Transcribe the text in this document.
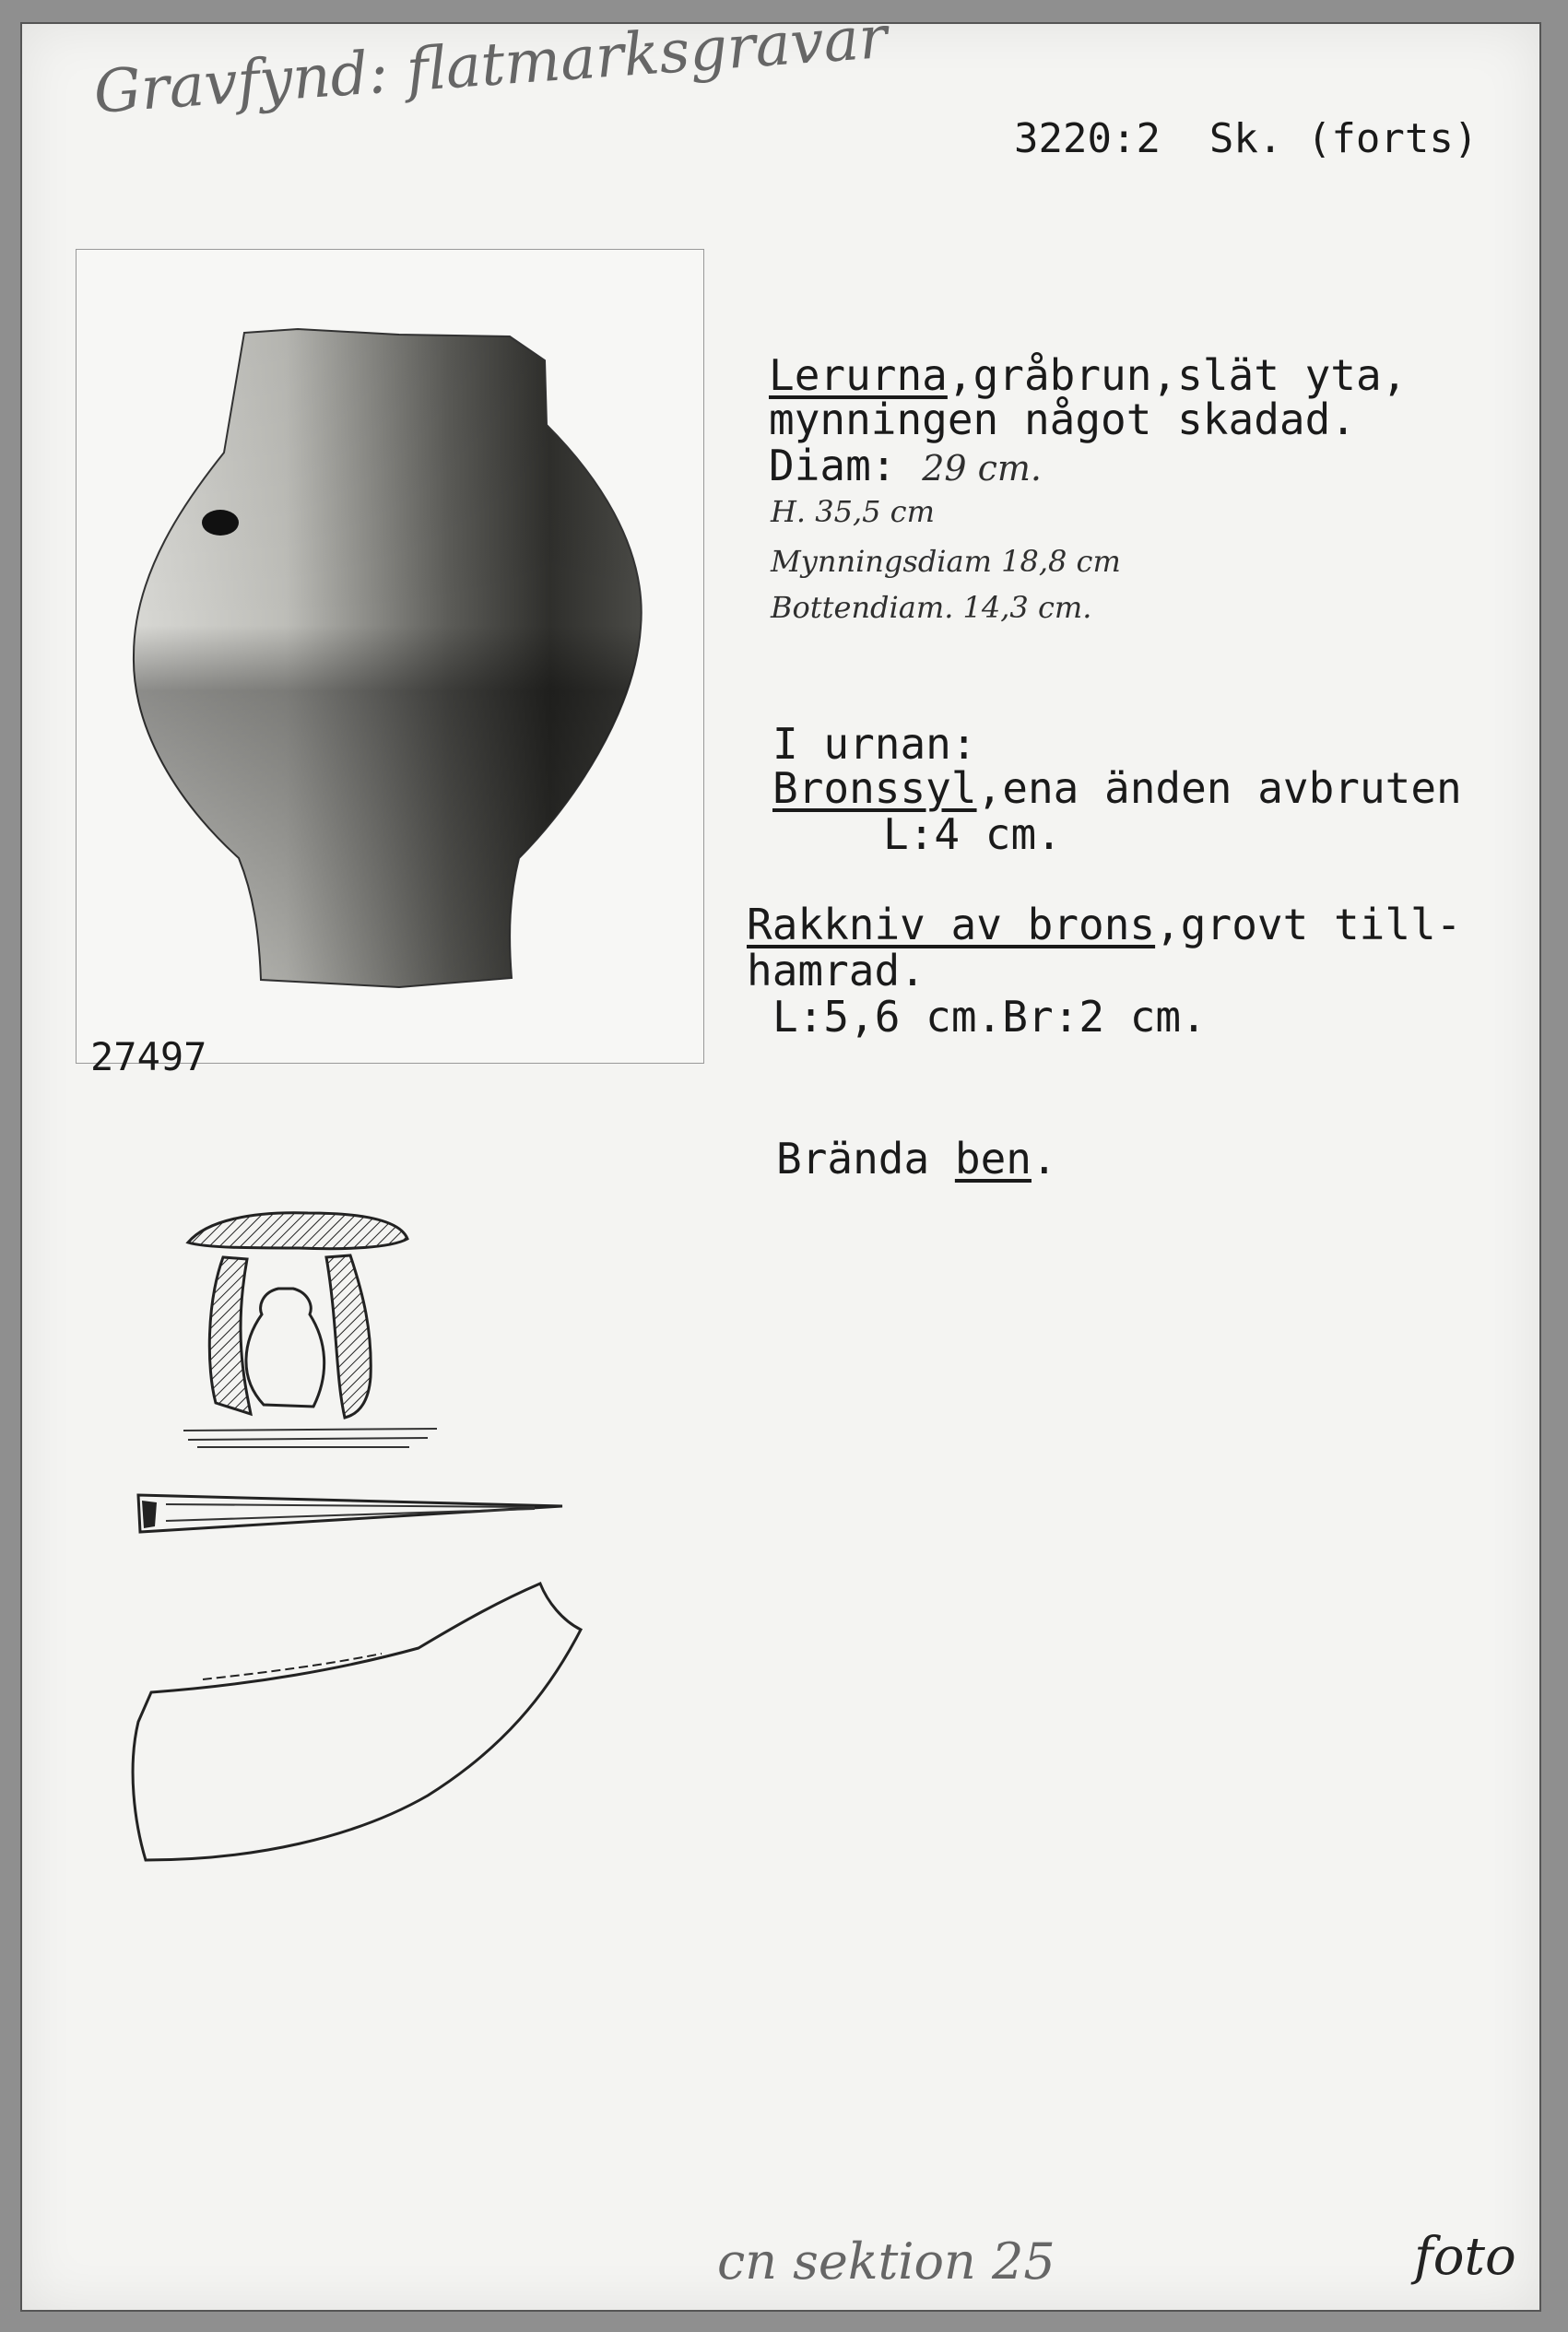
Gravfynd: flatmarksgravar
3220:2  Sk. (forts)
27497
Lerurna,gråbrun,slät yta,
mynningen något skadad.
Diam: 29 cm.
H. 35,5 cm
Mynningsdiam 18,8 cm
Bottendiam. 14,3 cm.
I urnan:
Bronssyl,ena änden avbruten
L:4 cm.
Rakkniv av brons,grovt till-
hamrad.
L:5,6 cm.Br:2 cm.
Brända ben.
cn sektion 25	foto
